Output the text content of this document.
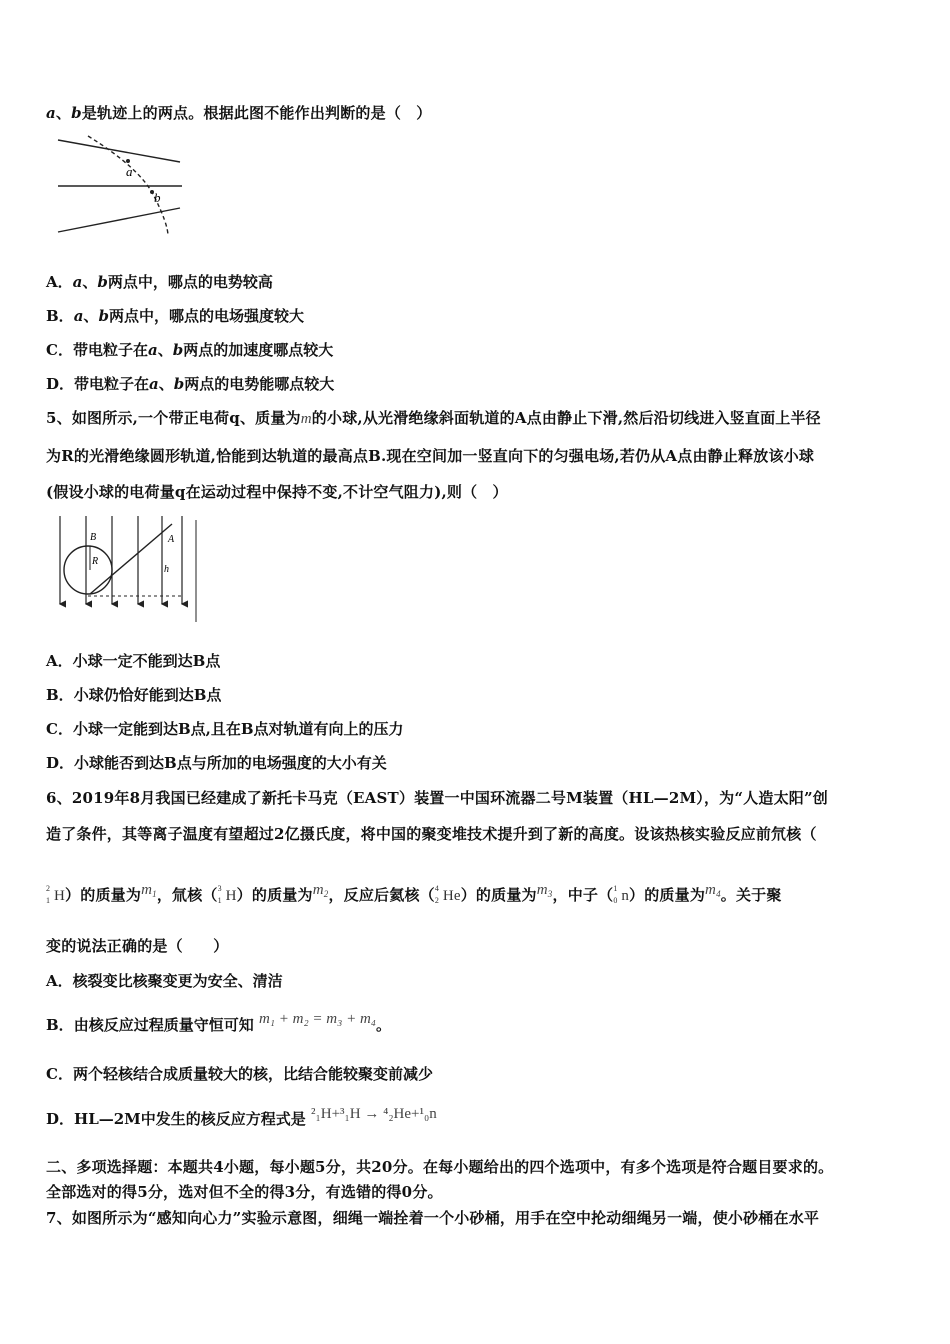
a、b是轨迹上的两点。根据此图不能作出判断的是（　）
a
b
A．a、b两点中，哪点的电势较高
B．a、b两点中，哪点的电场强度较大
C．带电粒子在a、b两点的加速度哪点较大
D．带电粒子在a、b两点的电势能哪点较大
5、如图所示,一个带正电荷q、质量为m的小球,从光滑绝缘斜面轨道的A点由静止下滑,然后沿切线进入竖直面上半径
为R的光滑绝缘圆形轨道,恰能到达轨道的最高点B.现在空间加一竖直向下的匀强电场,若仍从A点由静止释放该小球
(假设小球的电荷量q在运动过程中保持不变,不计空气阻力),则（　）
B
R
A
h
A．小球一定不能到达B点
B．小球仍恰好能到达B点
C．小球一定能到达B点,且在B点对轨道有向上的压力
D．小球能否到达B点与所加的电场强度的大小有关
6、2019年8月我国已经建成了新托卡马克（EAST）装置一中国环流器二号M装置（HL—2M），为“人造太阳”创
造了条件，其等离子温度有望超过2亿摄氏度，将中国的聚变堆技术提升到了新的高度。设该热核实验反应前氘核（
2
1 H）的质量为$m_1$，氚核（ 3
1 H）的质量为$m_2$，反应后氦核（ 4
2 He）的质量为$m_3$，中子（ 1
0 n）的质量为$m_4$。关于聚
变的说法正确的是（　　）
A．核裂变比核聚变更为安全、清洁
B．由核反应过程质量守恒可知 m₁ + m₂ = m₃ + m₄。
C．两个轻核结合成质量较大的核，比结合能较聚变前减少
D．HL—2M中发生的核反应方程式是 ²₁H+³₁H → ⁴₂He+¹₀n
二、多项选择题：本题共4小题，每小题5分，共20分。在每小题给出的四个选项中，有多个选项是符合题目要求的。
全部选对的得5分，选对但不全的得3分，有选错的得0分。
7、如图所示为“感知向心力”实验示意图，细绳一端拴着一个小砂桶，用手在空中抡动细绳另一端，使小砂桶在水平
